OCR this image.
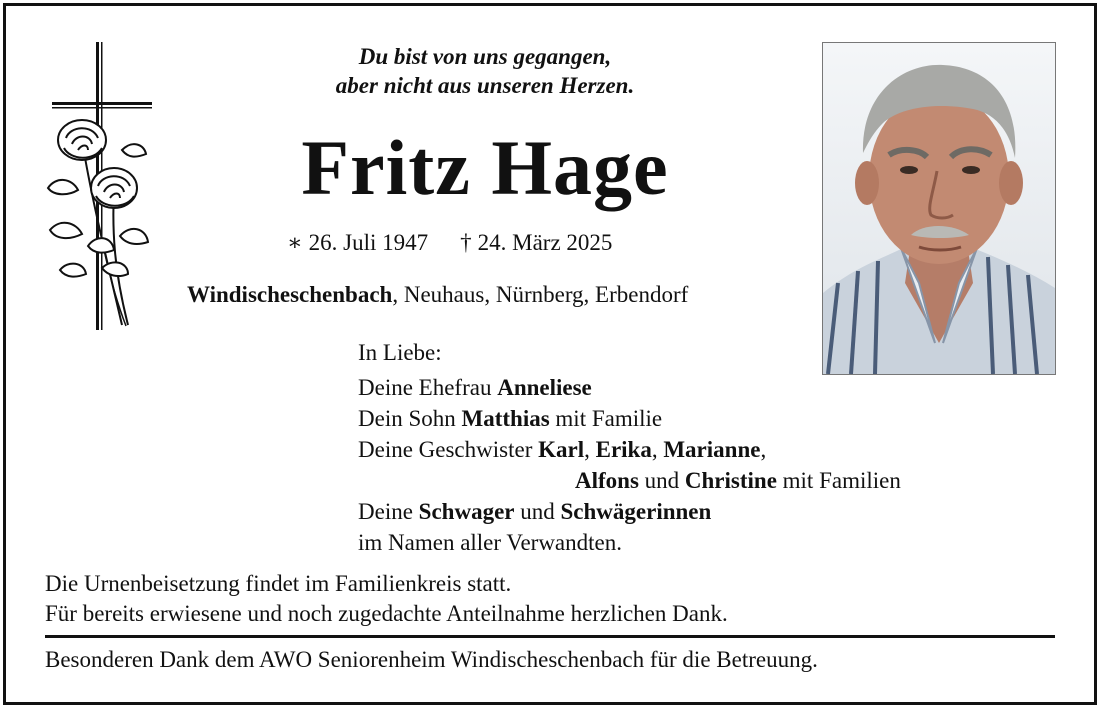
Du bist von uns gegangen,
aber nicht aus unseren Herzen.
Fritz Hage
∗ 26. Juli 1947 † 24. März 2025
Windischeschenbach, Neuhaus, Nürnberg, Erbendorf
In Liebe:
Deine Ehefrau Anneliese
Dein Sohn Matthias mit Familie
Deine Geschwister Karl, Erika, Marianne,
Alfons und Christine mit Familien
Deine Schwager und Schwägerinnen
im Namen aller Verwandten.
Die Urnenbeisetzung findet im Familienkreis statt.
Für bereits erwiesene und noch zugedachte Anteilnahme herzlichen Dank.
Besonderen Dank dem AWO Seniorenheim Windischeschenbach für die Betreuung.
